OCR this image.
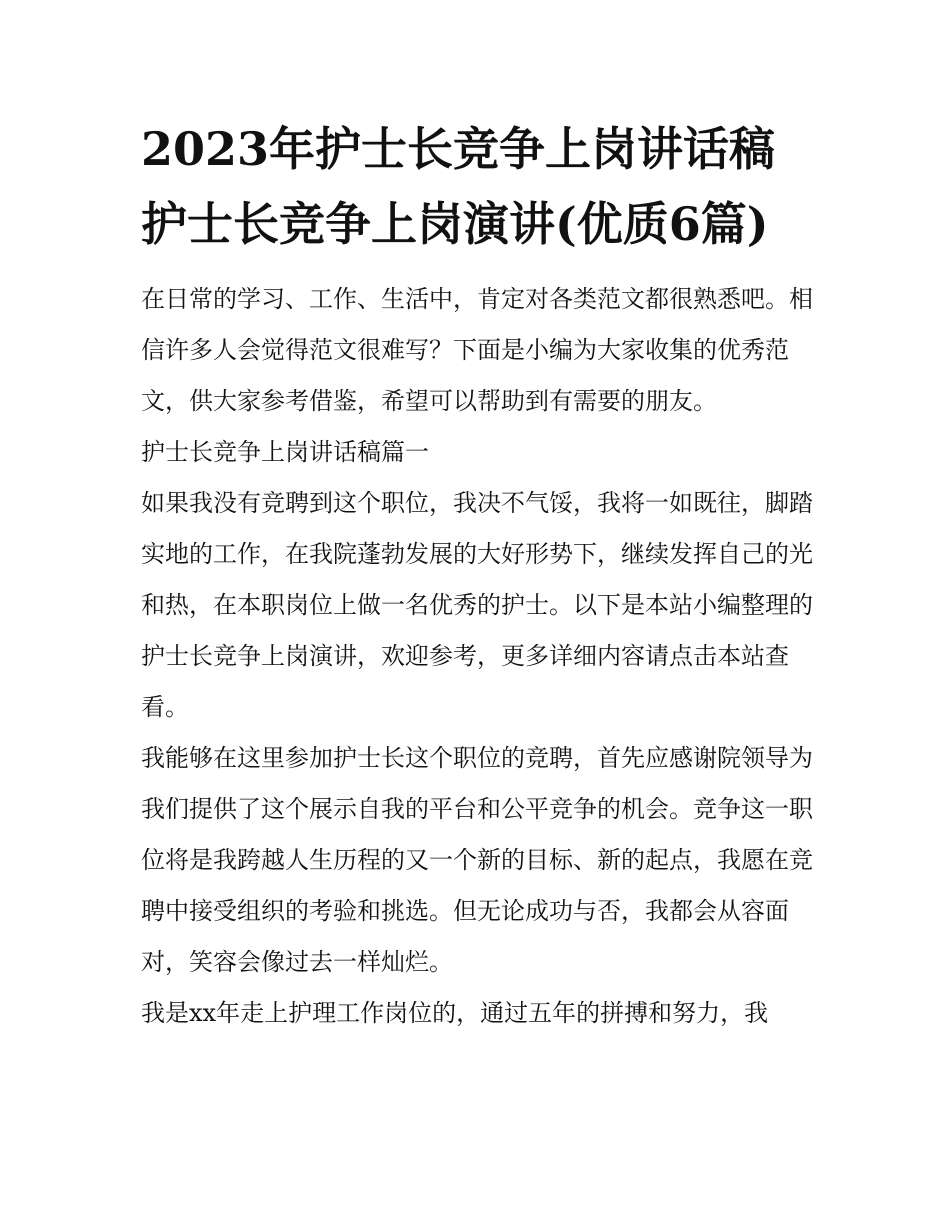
2023年护士长竞争上岗讲话稿 护士长竞争上岗演讲(优质6篇)

在日常的学习、工作、生活中，肯定对各类范文都很熟悉吧。相信许多人会觉得范文很难写？下面是小编为大家收集的优秀范文，供大家参考借鉴，希望可以帮助到有需要的朋友。

护士长竞争上岗讲话稿篇一

如果我没有竞聘到这个职位，我决不气馁，我将一如既往，脚踏实地的工作，在我院蓬勃发展的大好形势下，继续发挥自己的光和热，在本职岗位上做一名优秀的护士。以下是本站小编整理的护士长竞争上岗演讲，欢迎参考，更多详细内容请点击本站查看。

我能够在这里参加护士长这个职位的竞聘，首先应感谢院领导为我们提供了这个展示自我的平台和公平竞争的机会。竞争这一职位将是我跨越人生历程的又一个新的目标、新的起点，我愿在竞聘中接受组织的考验和挑选。但无论成功与否，我都会从容面对，笑容会像过去一样灿烂。

我是xx年走上护理工作岗位的，通过五年的拼搏和努力，我
